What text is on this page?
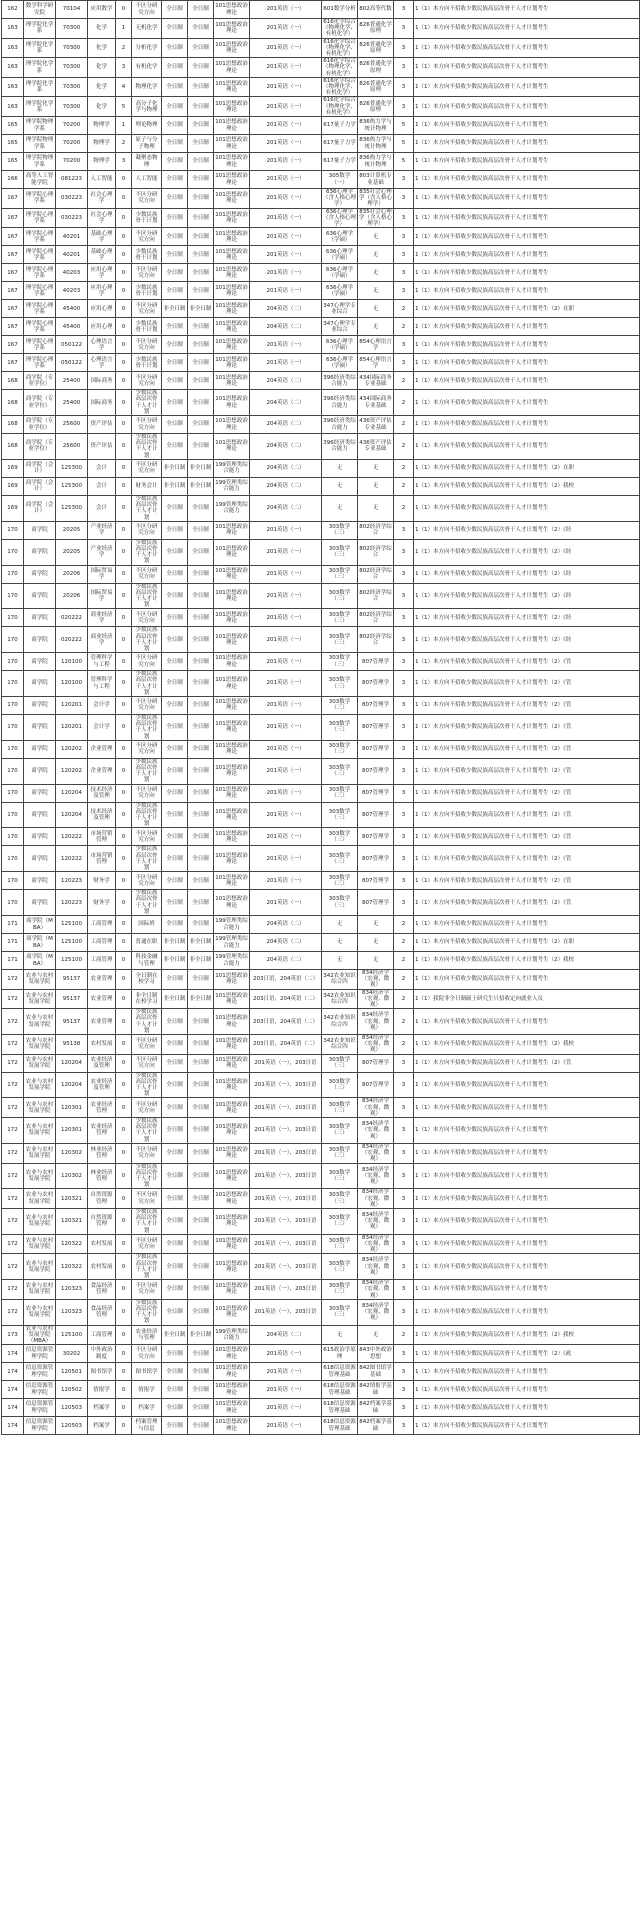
162	数学科学研究院	70104	应用数学	0	不区分研究方向	全日制	全日制	101思想政治理论	201英语（一）	601数学分析	802高等代数	3	1（1）本方向不招收少数民族高层次骨干人才计划考生
163	理学院化学系	70300	化学	1	无机化学	全日制	全日制	101思想政治理论	201英语（一）	616化学综合（物理化学、有机化学）	826普通化学原理	3	1（1）本方向不招收少数民族高层次骨干人才计划考生
163	理学院化学系	70300	化学	2	分析化学	全日制	全日制	101思想政治理论	201英语（一）	616化学综合（物理化学、有机化学）	826普通化学原理	3	1（1）本方向不招收少数民族高层次骨干人才计划考生
163	理学院化学系	70300	化学	3	有机化学	全日制	全日制	101思想政治理论	201英语（一）	616化学综合（物理化学、有机化学）	826普通化学原理	3	1（1）本方向不招收少数民族高层次骨干人才计划考生
163	理学院化学系	70300	化学	4	物理化学	全日制	全日制	101思想政治理论	201英语（一）	616化学综合（物理化学、有机化学）	826普通化学原理	3	1（1）本方向不招收少数民族高层次骨干人才计划考生
163	理学院化学系	70300	化学	5	高分子化学与物理	全日制	全日制	101思想政治理论	201英语（一）	616化学综合（物理化学、有机化学）	826普通化学原理	3	1（1）本方向不招收少数民族高层次骨干人才计划考生
165	理学院物理学系	70200	物理学	1	理论物理	全日制	全日制	101思想政治理论	201英语（一）	617量子力学	836热力学与统计物理	5	1（1）本方向不招收少数民族高层次骨干人才计划考生
165	理学院物理学系	70200	物理学	2	原子与分子物理	全日制	全日制	101思想政治理论	201英语（一）	617量子力学	836热力学与统计物理	5	1（1）本方向不招收少数民族高层次骨干人才计划考生
165	理学院物理学系	70200	物理学	3	凝聚态物理	全日制	全日制	101思想政治理论	201英语（一）	617量子力学	836热力学与统计物理	5	1（1）本方向不招收少数民族高层次骨干人才计划考生
166	高等人工智能学院	081223	人工智能	0	人工智能	全日制	全日制	101思想政治理论	201英语（一）	305数学（一）	803计算机专业基础	3	1（1）本方向不招收少数民族高层次骨干人才计划考生
167	理学院心理学系	030223	社会心理学	0	不区分研究方向	全日制	全日制	101思想政治理论	201英语（一）	636心理学（含人格心理学）	835社会心理学（含人格心理学）	3	1（1）本方向不招收少数民族高层次骨干人才计划考生
167	理学院心理学系	030223	社会心理学	0	少数民族骨干计划	全日制	全日制	101思想政治理论	201英语（一）	636心理学（含人格心理学）	835社会心理学（含人格心理学）	3	1（1）本方向不招收少数民族高层次骨干人才计划考生
167	理学院心理学系	40201	基础心理学	0	不区分研究方向	全日制	全日制	101思想政治理论	201英语（一）	636心理学（学硕）	无	3	1（1）本方向不招收少数民族高层次骨干人才计划考生
167	理学院心理学系	40201	基础心理学	0	少数民族骨干计划	全日制	全日制	101思想政治理论	201英语（一）	636心理学（学硕）	无	3	1（1）本方向不招收少数民族高层次骨干人才计划考生
167	理学院心理学系	40203	应用心理学	0	不区分研究方向	全日制	全日制	101思想政治理论	201英语（一）	636心理学（学硕）	无	3	1（1）本方向不招收少数民族高层次骨干人才计划考生
167	理学院心理学系	40203	应用心理学	0	少数民族骨干计划	全日制	全日制	101思想政治理论	201英语（一）	636心理学（学硕）	无	3	1（1）本方向不招收少数民族高层次骨干人才计划考生
167	理学院心理学系	45400	应用心理	0	不区分研究方向	非全日制	非全日制	101思想政治理论	204英语（二）	347心理学专业综合	无	2	1（1）本方向不招收少数民族高层次骨干人才计划考生（2）在职
167	理学院心理学系	45400	应用心理	0	少数民族骨干计划	全日制	全日制	101思想政治理论	204英语（二）	347心理学专业综合	无	2	1（1）本方向不招收少数民族高层次骨干人才计划考生
167	理学院心理学系	050122	心理语言学	0	不区分研究方向	全日制	全日制	101思想政治理论	201英语（一）	636心理学（学硕）	854心理语言学	3	1（1）本方向不招收少数民族高层次骨干人才计划考生
167	理学院心理学系	050122	心理语言学	0	少数民族骨干计划	全日制	全日制	101思想政治理论	201英语（一）	636心理学（学硕）	854心理语言学	3	1（1）本方向不招收少数民族高层次骨干人才计划考生
168	商学院（专业学位）	25400	国际商务	0	不区分研究方向	全日制	全日制	101思想政治理论	204英语（二）	396经济类综合能力	434国际商务专业基础	2	1（1）本方向不招收少数民族高层次骨干人才计划考生
168	商学院（专业学位）	25400	国际商务	0	少数民族高层次骨干人才计划	全日制	全日制	101思想政治理论	204英语（二）	396经济类综合能力	434国际商务专业基础	2	1（1）本方向不招收少数民族高层次骨干人才计划考生
168	商学院（专业学位）	25600	资产评估	0	不区分研究方向	全日制	全日制	101思想政治理论	204英语（二）	396经济类综合能力	436资产评估专业基础	2	1（1）本方向不招收少数民族高层次骨干人才计划考生
168	商学院（专业学位）	25600	资产评估	0	少数民族高层次骨干人才计划	全日制	全日制	101思想政治理论	204英语（二）	396经济类综合能力	436资产评估专业基础	2	1（1）本方向不招收少数民族高层次骨干人才计划考生
169	商学院（会计）	125300	会计	0	不区分研究方向	非全日制	非全日制	199管理类综合能力	204英语（二）	无	无	2	1（1）本方向不招收少数民族高层次骨干人才计划考生（2）在职
169	商学院（会计）	125300	会计	0	财务会计	非全日制	非全日制	199管理类综合能力	204英语（二）	无	无	2	1（1）本方向不招收少数民族高层次骨干人才计划考生（2）我校
169	商学院（会计）	125300	会计	0	少数民族高层次骨干人才计划	全日制	全日制	199管理类综合能力	204英语（二）	无	无	2	1（1）本方向不招收少数民族高层次骨干人才计划考生
170	商学院	20205	产业经济学	0	不区分研究方向	全日制	全日制	101思想政治理论	201英语（一）	303数学（三）	802经济学综合	3	1（1）本方向不招收少数民族高层次骨干人才计划考生（2）《经
170	商学院	20205	产业经济学	0	少数民族高层次骨干人才计划	全日制	全日制	101思想政治理论	201英语（一）	303数学（三）	802经济学综合	3	1（1）本方向不招收少数民族高层次骨干人才计划考生（2）《经
170	商学院	20206	国际贸易学	0	不区分研究方向	全日制	全日制	101思想政治理论	201英语（一）	303数学（三）	802经济学综合	3	1（1）本方向不招收少数民族高层次骨干人才计划考生（2）《经
170	商学院	20206	国际贸易学	0	少数民族高层次骨干人才计划	全日制	全日制	101思想政治理论	201英语（一）	303数学（三）	802经济学综合	3	1（1）本方向不招收少数民族高层次骨干人才计划考生（2）《经
170	商学院	020222	商业经济学	0	不区分研究方向	全日制	全日制	101思想政治理论	201英语（一）	303数学（三）	802经济学综合	3	1（1）本方向不招收少数民族高层次骨干人才计划考生（2）《经
170	商学院	020222	商业经济学	0	少数民族高层次骨干人才计划	全日制	全日制	101思想政治理论	201英语（一）	303数学（三）	802经济学综合	3	1（1）本方向不招收少数民族高层次骨干人才计划考生（2）《经
170	商学院	120100	管理科学与工程	0	不区分研究方向	全日制	全日制	101思想政治理论	201英语（一）	303数学（三）	807管理学	3	1（1）本方向不招收少数民族高层次骨干人才计划考生（2）《管
170	商学院	120100	管理科学与工程	0	少数民族高层次骨干人才计划	全日制	全日制	101思想政治理论	201英语（一）	303数学（三）	807管理学	3	1（1）本方向不招收少数民族高层次骨干人才计划考生（2）《管
170	商学院	120201	会计学	0	不区分研究方向	全日制	全日制	101思想政治理论	201英语（一）	303数学（三）	807管理学	3	1（1）本方向不招收少数民族高层次骨干人才计划考生（2）《管
170	商学院	120201	会计学	0	少数民族高层次骨干人才计划	全日制	全日制	101思想政治理论	201英语（一）	303数学（三）	807管理学	3	1（1）本方向不招收少数民族高层次骨干人才计划考生（2）《管
170	商学院	120202	企业管理	0	不区分研究方向	全日制	全日制	101思想政治理论	201英语（一）	303数学（三）	807管理学	3	1（1）本方向不招收少数民族高层次骨干人才计划考生（2）《管
170	商学院	120202	企业管理	0	少数民族高层次骨干人才计划	全日制	全日制	101思想政治理论	201英语（一）	303数学（三）	807管理学	3	1（1）本方向不招收少数民族高层次骨干人才计划考生（2）《管
170	商学院	120204	技术经济及管理	0	不区分研究方向	全日制	全日制	101思想政治理论	201英语（一）	303数学（三）	807管理学	3	1（1）本方向不招收少数民族高层次骨干人才计划考生（2）《管
170	商学院	120204	技术经济及管理	0	少数民族高层次骨干人才计划	全日制	全日制	101思想政治理论	201英语（一）	303数学（三）	807管理学	3	1（1）本方向不招收少数民族高层次骨干人才计划考生（2）《管
170	商学院	120222	市场营销管理	0	不区分研究方向	全日制	全日制	101思想政治理论	201英语（一）	303数学（三）	807管理学	3	1（1）本方向不招收少数民族高层次骨干人才计划考生（2）《管
170	商学院	120222	市场营销管理	0	少数民族高层次骨干人才计划	全日制	全日制	101思想政治理论	201英语（一）	303数学（三）	807管理学	3	1（1）本方向不招收少数民族高层次骨干人才计划考生（2）《管
170	商学院	120223	财务学	0	不区分研究方向	全日制	全日制	101思想政治理论	201英语（一）	303数学（三）	807管理学	3	1（1）本方向不招收少数民族高层次骨干人才计划考生（2）《管
170	商学院	120223	财务学	0	少数民族高层次骨干人才计划	全日制	全日制	101思想政治理论	201英语（一）	303数学（三）	807管理学	3	1（1）本方向不招收少数民族高层次骨干人才计划考生（2）《管
171	商学院（MBA）	125100	工商管理	0	国际班	全日制	全日制	199管理类综合能力	204英语（二）	无	无	2	1（1）本方向不招收少数民族高层次骨干人才计划考生
171	商学院（MBA）	125100	工商管理	0	普通在职	非全日制	非全日制	199管理类综合能力	204英语（二）	无	无	2	1（1）本方向不招收少数民族高层次骨干人才计划考生（2）在职
171	商学院（MBA）	125100	工商管理	0	科技金融与管理	非全日制	非全日制	199管理类综合能力	204英语（二）	无	无	2	1（1）本方向不招收少数民族高层次骨干人才计划考生（2）我校
172	农业与农村发展学院	95137	农业管理	0	全日制在校学习	全日制	全日制	101思想政治理论	203日语，204英语（二）	342农业知识综合四	834经济学（宏观、微观）	2	1（1）本方向不招收少数民族高层次骨干人才计划考生
172	农业与农村发展学院	95137	农业管理	0	非全日制在校学习	非全日制	非全日制	101思想政治理论	203日语，204英语（二）	342农业知识综合四	834经济学（宏观、微观）	2	1（1）我院非全日制硕士研究生只招收定向就业人员
172	农业与农村发展学院	95137	农业管理	0	少数民族高层次骨干人才计划	全日制	全日制	101思想政治理论	203日语，204英语（二）	342农业知识综合四	834经济学（宏观、微观）	2	1（1）本方向不招收少数民族高层次骨干人才计划考生
172	农业与农村发展学院	95138	农村发展	0	不区分研究方向	全日制	全日制	101思想政治理论	203日语，204英语（二）	342农业知识综合四	834经济学（宏观、微观）	2	1（1）本方向不招收少数民族高层次骨干人才计划考生（2）我校
172	农业与农村发展学院	120204	农业经济及管理	0	不区分研究方向	全日制	全日制	101思想政治理论	201英语（一），203日语	303数学（三）	807管理学	3	1（1）本方向不招收少数民族高层次骨干人才计划考生（2）《管
172	农业与农村发展学院	120204	农业经济及管理	0	少数民族高层次骨干人才计划	全日制	全日制	101思想政治理论	201英语（一），203日语	303数学（三）	807管理学	3	1（1）本方向不招收少数民族高层次骨干人才计划考生
172	农业与农村发展学院	120301	农业经济管理	0	不区分研究方向	全日制	全日制	101思想政治理论	201英语（一），203日语	303数学（三）	834经济学（宏观、微观）	3	1（1）本方向不招收少数民族高层次骨干人才计划考生
172	农业与农村发展学院	120301	农业经济管理	0	少数民族高层次骨干人才计划	全日制	全日制	101思想政治理论	201英语（一），203日语	303数学（三）	834经济学（宏观、微观）	3	1（1）本方向不招收少数民族高层次骨干人才计划考生
172	农业与农村发展学院	120302	林业经济管理	0	不区分研究方向	全日制	全日制	101思想政治理论	201英语（一），203日语	303数学（三）	834经济学（宏观、微观）	3	1（1）本方向不招收少数民族高层次骨干人才计划考生
172	农业与农村发展学院	120302	林业经济管理	0	少数民族高层次骨干人才计划	全日制	全日制	101思想政治理论	201英语（一），203日语	303数学（三）	834经济学（宏观、微观）	3	1（1）本方向不招收少数民族高层次骨干人才计划考生
172	农业与农村发展学院	120321	自然资源管理	0	不区分研究方向	全日制	全日制	101思想政治理论	201英语（一），203日语	303数学（三）	834经济学（宏观、微观）	3	1（1）本方向不招收少数民族高层次骨干人才计划考生
172	农业与农村发展学院	120321	自然资源管理	0	少数民族高层次骨干人才计划	全日制	全日制	101思想政治理论	201英语（一），203日语	303数学（三）	834经济学（宏观、微观）	3	1（1）本方向不招收少数民族高层次骨干人才计划考生
172	农业与农村发展学院	120322	农村发展	0	不区分研究方向	全日制	全日制	101思想政治理论	201英语（一），203日语	303数学（三）	834经济学（宏观、微观）	3	1（1）本方向不招收少数民族高层次骨干人才计划考生
172	农业与农村发展学院	120322	农村发展	0	少数民族高层次骨干人才计划	全日制	全日制	101思想政治理论	201英语（一），203日语	303数学（三）	834经济学（宏观、微观）	3	1（1）本方向不招收少数民族高层次骨干人才计划考生
172	农业与农村发展学院	120323	食品经济管理	0	不区分研究方向	全日制	全日制	101思想政治理论	201英语（一），203日语	303数学（三）	834经济学（宏观、微观）	3	1（1）本方向不招收少数民族高层次骨干人才计划考生
172	农业与农村发展学院	120323	食品经济管理	0	少数民族高层次骨干人才计划	全日制	全日制	101思想政治理论	201英语（一），203日语	303数学（三）	834经济学（宏观、微观）	3	1（1）本方向不招收少数民族高层次骨干人才计划考生
173	农业与农村发展学院（MBA）	125100	工商管理	0	农业经济与管理	非全日制	非全日制	199管理类综合能力	204英语（二）	无	无	2	1（1）本方向不招收少数民族高层次骨干人才计划考生（2）我校
174	信息资源管理学院	30202	中外政治制度	0	不区分研究方向	全日制	全日制	101思想政治理论	201英语（一）	615政治学原理	843中外政治思想	3	1（1）本方向不招收少数民族高层次骨干人才计划考生（2）《政
174	信息资源管理学院	120501	图书馆学	0	图书馆学	全日制	全日制	101思想政治理论	201英语（一）	618信息资源管理基础	842图书馆学基础	3	1（1）本方向不招收少数民族高层次骨干人才计划考生
174	信息资源管理学院	120502	情报学	0	情报学	全日制	全日制	101思想政治理论	201英语（一）	618信息资源管理基础	842情报学基础	3	1（1）本方向不招收少数民族高层次骨干人才计划考生
174	信息资源管理学院	120503	档案学	0	档案学	全日制	全日制	101思想政治理论	201英语（一）	618信息资源管理基础	842档案学基础	3	1（1）本方向不招收少数民族高层次骨干人才计划考生
174	信息资源管理学院	120503	档案学	0	档案管理与信息	全日制	全日制	101思想政治理论	201英语（一）	618信息资源管理基础	842档案学基础	3	1（1）本方向不招收少数民族高层次骨干人才计划考生
